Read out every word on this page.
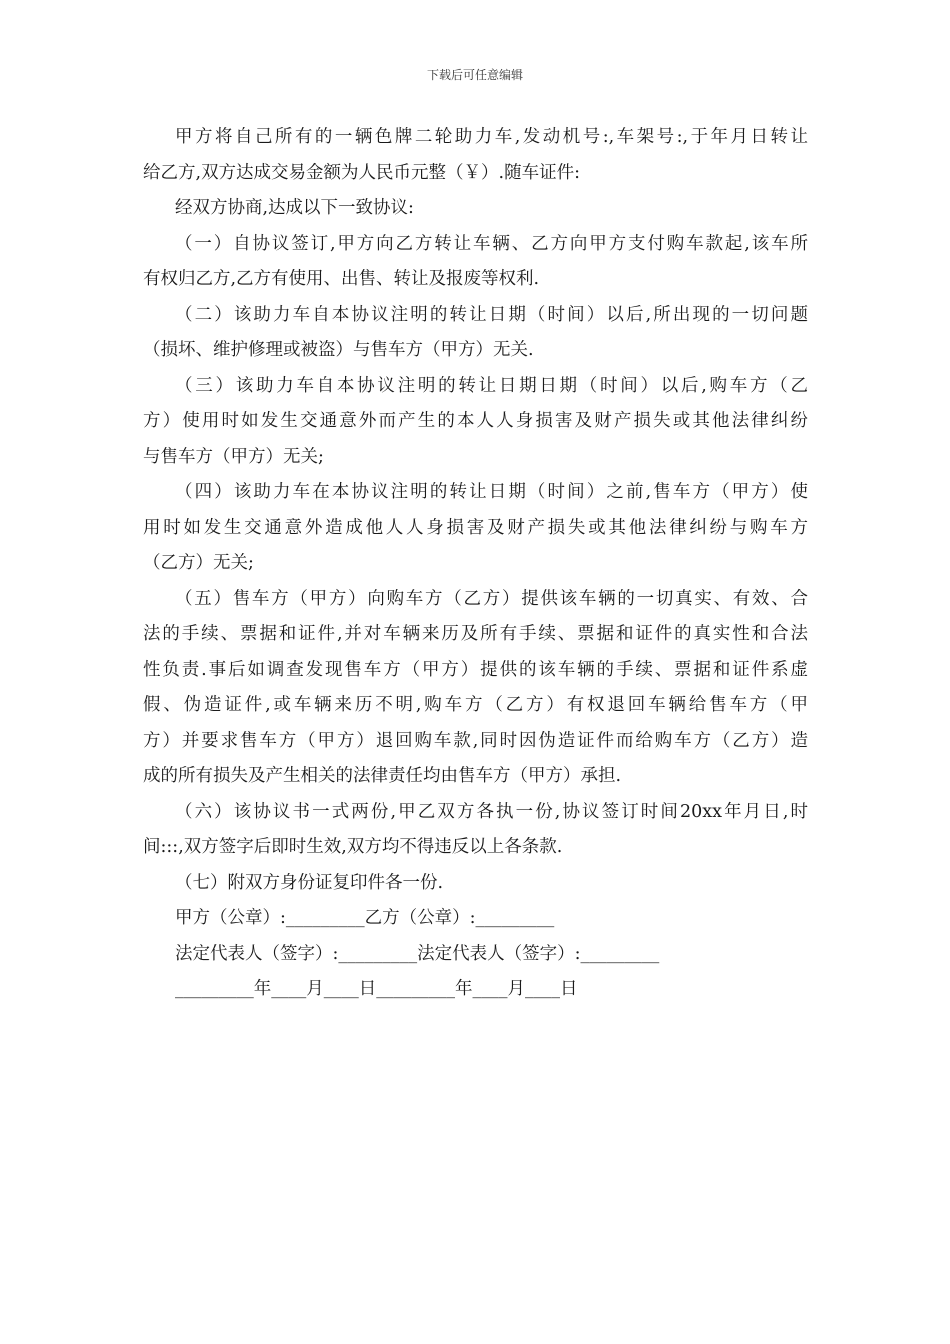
下载后可任意编辑
甲方将自己所有的一辆色牌二轮助力车,发动机号:,车架号:,于年月日转让
给乙方,双方达成交易金额为人民币元整（￥）.随车证件:
经双方协商,达成以下一致协议:
（一）自协议签订,甲方向乙方转让车辆、乙方向甲方支付购车款起,该车所
有权归乙方,乙方有使用、出售、转让及报废等权利.
（二）该助力车自本协议注明的转让日期（时间）以后,所出现的一切问题
（损坏、维护修理或被盗）与售车方（甲方）无关.
（三）该助力车自本协议注明的转让日期日期（时间）以后,购车方（乙
方）使用时如发生交通意外而产生的本人人身损害及财产损失或其他法律纠纷
与售车方（甲方）无关;
（四）该助力车在本协议注明的转让日期（时间）之前,售车方（甲方）使
用时如发生交通意外造成他人人身损害及财产损失或其他法律纠纷与购车方
（乙方）无关;
（五）售车方（甲方）向购车方（乙方）提供该车辆的一切真实、有效、合
法的手续、票据和证件,并对车辆来历及所有手续、票据和证件的真实性和合法
性负责.事后如调查发现售车方（甲方）提供的该车辆的手续、票据和证件系虚
假、伪造证件,或车辆来历不明,购车方（乙方）有权退回车辆给售车方（甲
方）并要求售车方（甲方）退回购车款,同时因伪造证件而给购车方（乙方）造
成的所有损失及产生相关的法律责任均由售车方（甲方）承担.
（六）该协议书一式两份,甲乙双方各执一份,协议签订时间20xx年月日,时
间:::,双方签字后即时生效,双方均不得违反以上各条款.
（七）附双方身份证复印件各一份.
甲方（公章）:_________乙方（公章）:_________
法定代表人（签字）:_________法定代表人（签字）:_________
_________年____月____日_________年____月____日
